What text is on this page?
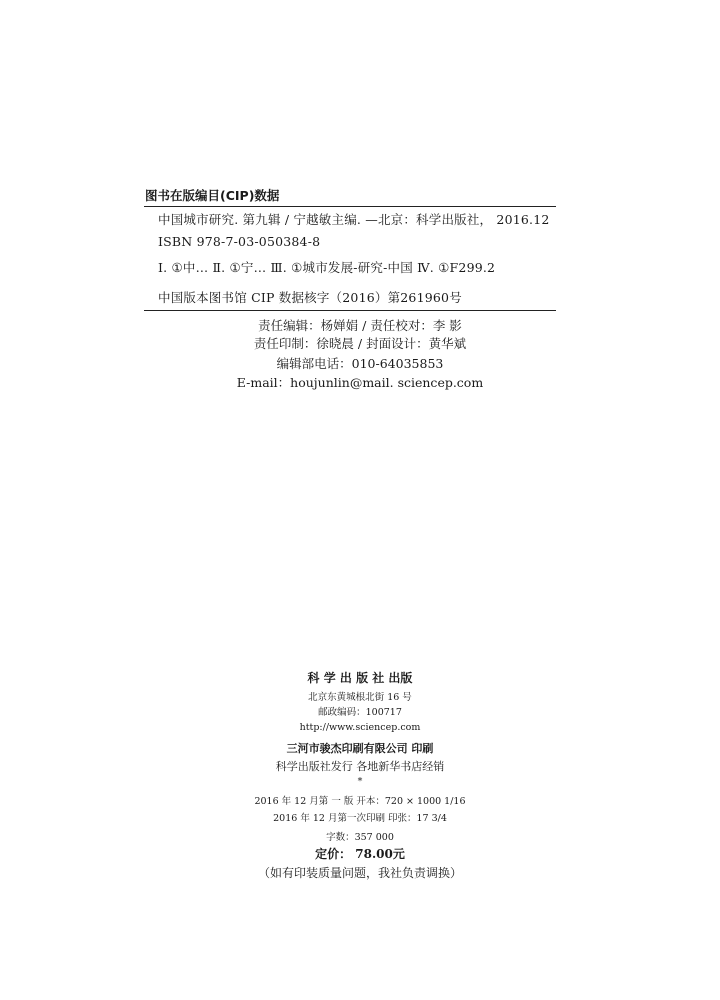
图书在版编目(CIP)数据
中国城市研究. 第九辑 / 宁越敏主编. —北京：科学出版社， 2016.12
ISBN 978-7-03-050384-8
Ⅰ. ①中… Ⅱ. ①宁… Ⅲ. ①城市发展-研究-中国 Ⅳ. ①F299.2
中国版本图书馆 CIP 数据核字（2016）第261960号
责任编辑：杨婵娟 / 责任校对：李 影
责任印制：徐晓晨 / 封面设计：黄华斌
编辑部电话：010-64035853
E-mail：houjunlin@mail. sciencep.com
科 学 出 版 社 出版
北京东黄城根北街 16 号
邮政编码：100717
http://www.sciencep.com
三河市骏杰印刷有限公司 印刷
科学出版社发行 各地新华书店经销
*
2016 年 12 月第 一 版 开本：720 × 1000 1/16
2016 年 12 月第一次印刷 印张：17 3/4
字数：357 000
定价： 78.00元
（如有印装质量问题，我社负责调换）
